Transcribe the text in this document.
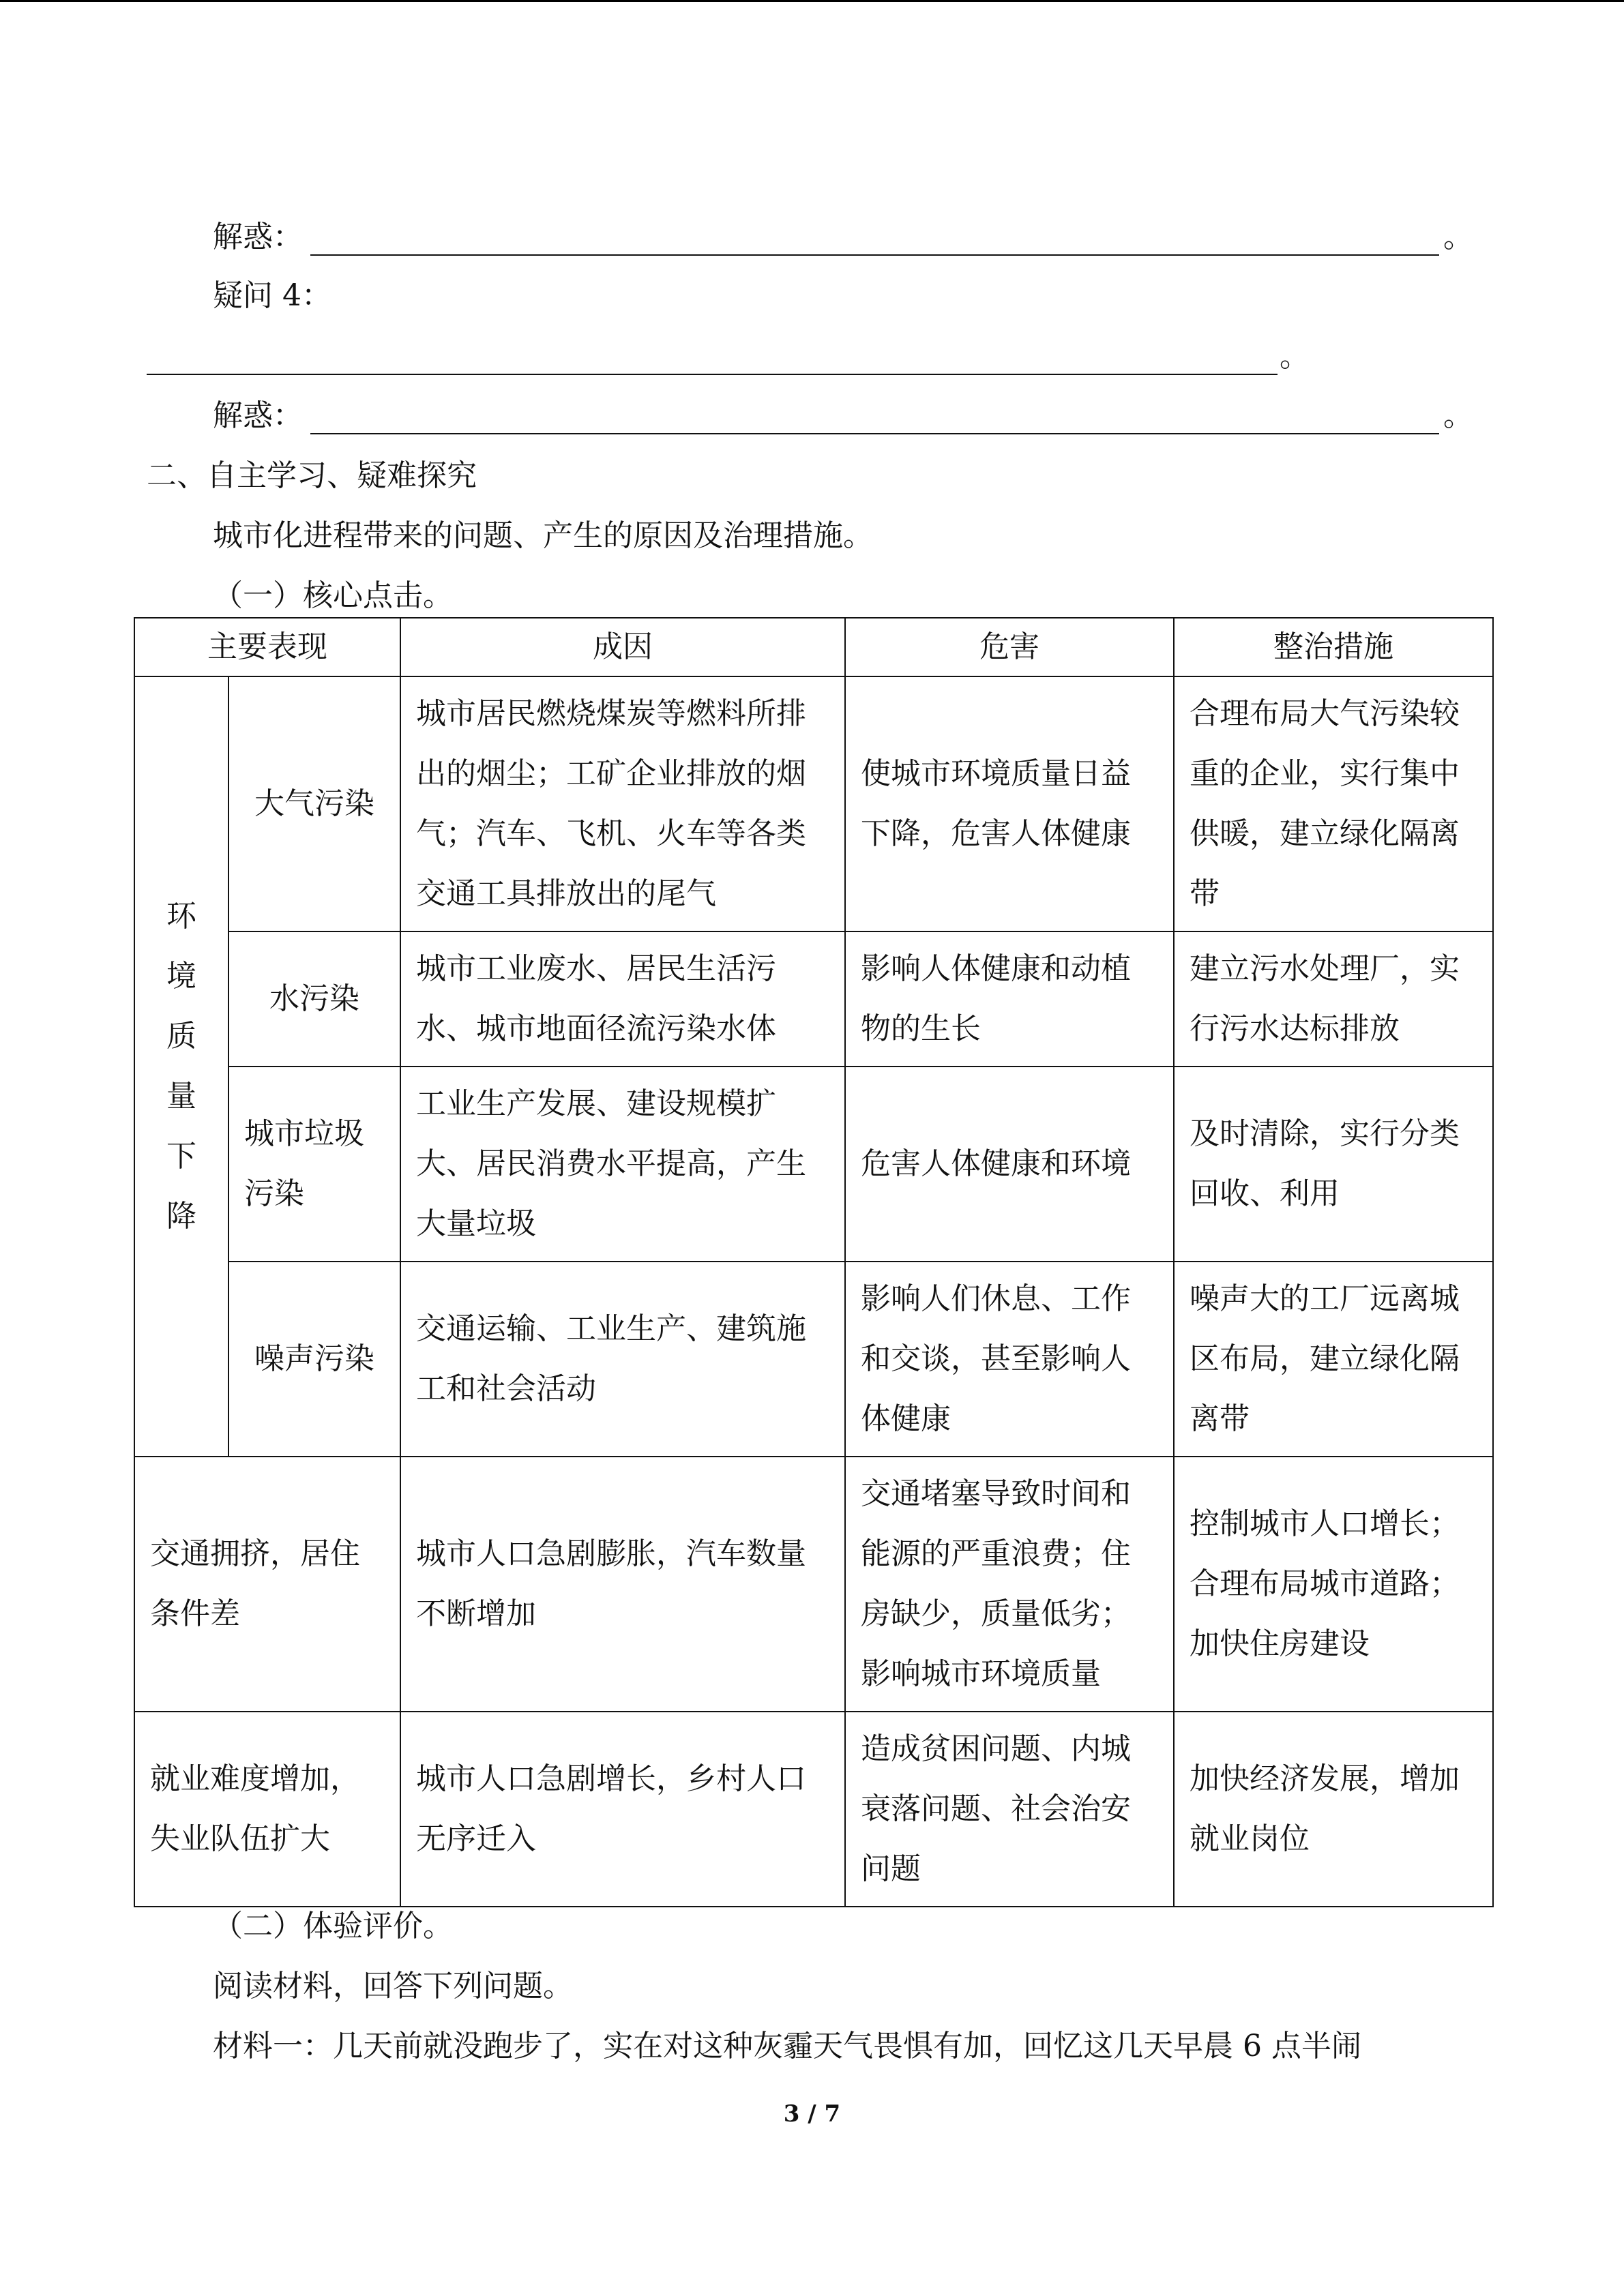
解惑：	。
疑问 4：
。
解惑：	。
二、自主学习、疑难探究
城市化进程带来的问题、产生的原因及治理措施。
（一）核心点击。
主要表现		成因	危害	整治措施

环境质量下降	大气污染	城市居民燃烧煤炭等燃料所排出的烟尘；工矿企业排放的烟气；汽车、飞机、火车等各类交通工具排放出的尾气	使城市环境质量日益下降，危害人体健康	合理布局大气污染较重的企业，实行集中供暖，建立绿化隔离带
	水污染	城市工业废水、居民生活污水、城市地面径流污染水体	影响人体健康和动植物的生长	建立污水处理厂，实行污水达标排放
	城市垃圾污染	工业生产发展、建设规模扩大、居民消费水平提高，产生大量垃圾	危害人体健康和环境	及时清除，实行分类回收、利用
	噪声污染	交通运输、工业生产、建筑施工和社会活动	影响人们休息、工作和交谈，甚至影响人体健康	噪声大的工厂远离城区布局，建立绿化隔离带
交通拥挤，居住条件差		城市人口急剧膨胀，汽车数量不断增加	交通堵塞导致时间和能源的严重浪费；住房缺少，质量低劣；影响城市环境质量	控制城市人口增长；合理布局城市道路；加快住房建设
就业难度增加，失业队伍扩大		城市人口急剧增长，乡村人口无序迁入	造成贫困问题、内城衰落问题、社会治安问题	加快经济发展，增加就业岗位
（二）体验评价。
阅读材料，回答下列问题。
材料一：几天前就没跑步了，实在对这种灰霾天气畏惧有加，回忆这几天早晨 6 点半闹
3 / 7
